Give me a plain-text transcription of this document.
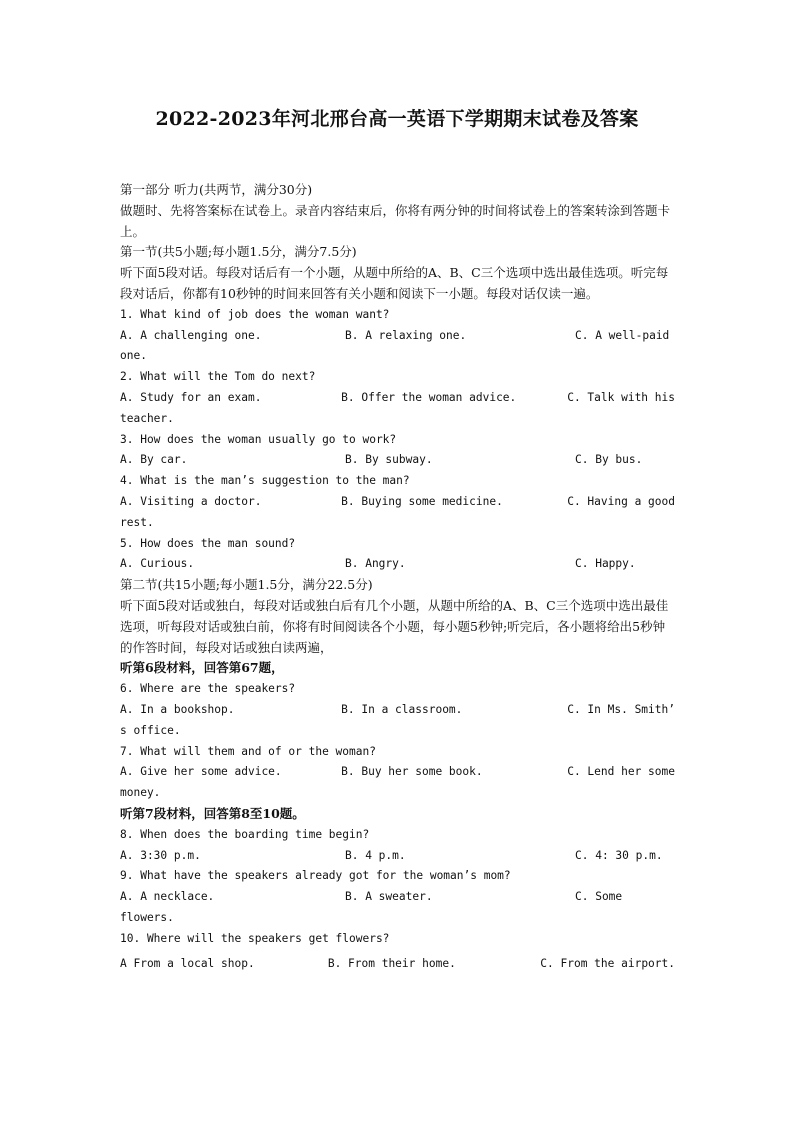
2022-2023年河北邢台高一英语下学期期末试卷及答案
第一部分 听力(共两节，满分30分)
做题时、先将答案标在试卷上。录音内容结束后，你将有两分钟的时间将试卷上的答案转涂到答题卡上。
第一节(共5小题;每小题1.5分，满分7.5分)
听下面5段对话。每段对话后有一个小题，从题中所给的A、B、C三个选项中选出最佳选项。听完每段对话后，你都有10秒钟的时间来回答有关小题和阅读下一小题。每段对话仅读一遍。
1. What kind of job does the woman want?
A. A challenging one.	B. A relaxing one.	C. A well-paid
one.
2. What will the Tom do next?
A. Study for an exam.	B. Offer the woman advice.	C. Talk with his
teacher.
3. How does the woman usually go to work?
A. By car.	B. By subway.	C. By bus.
4. What is the man’s suggestion to the man?
A. Visiting a doctor.	B. Buying some medicine.	C. Having a good
rest.
5. How does the man sound?
A. Curious.	B. Angry.	C. Happy.
第二节(共15小题;每小题1.5分，满分22.5分)
听下面5段对话或独白，每段对话或独白后有几个小题，从题中所给的A、B、C三个选项中选出最佳选项，听每段对话或独白前，你将有时间阅读各个小题，每小题5秒钟;听完后，各小题将给出5秒钟的作答时间，每段对话或独白读两遍，
听第6段材料，回答第67题，
6. Where are the speakers?
A. In a bookshop.	B. In a classroom.	C. In Ms. Smith’
s office.
7. What will them and of or the woman?
A. Give her some advice.	B. Buy her some book.	C. Lend her some
money.
听第7段材料，回答第8至10题。
8. When does the boarding time begin?
A. 3:30 p.m.	B. 4 p.m.	C. 4: 30 p.m.
9. What have the speakers already got for the woman’s mom?
A. A necklace.	B. A sweater.	C. Some
flowers.
10. Where will the speakers get flowers?
A From a local shop.	B. From their home.	C. From the airport.
